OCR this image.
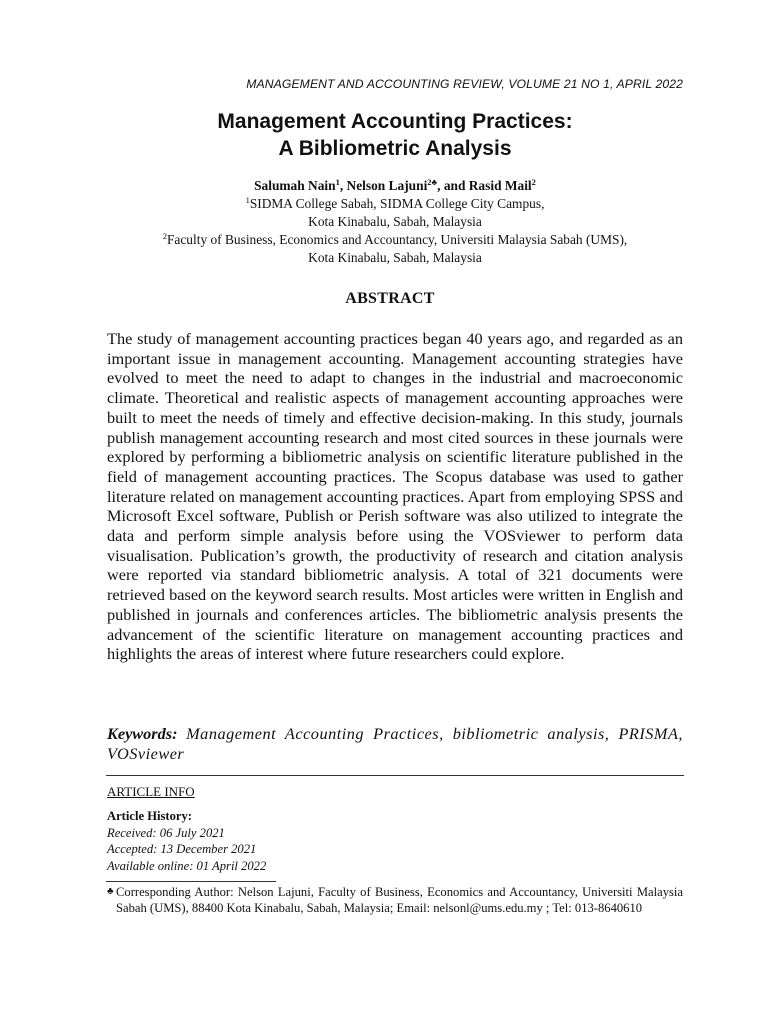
MANAGEMENT AND ACCOUNTING REVIEW, VOLUME 21 NO 1, APRIL 2022
Management Accounting Practices:
A Bibliometric Analysis
Salumah Nain$^1$, Nelson Lajuni$^{2♣}$, and Rasid Mail$^2$
$^1$SIDMA College Sabah, SIDMA College City Campus,
Kota Kinabalu, Sabah, Malaysia
$^2$Faculty of Business, Economics and Accountancy, Universiti Malaysia Sabah (UMS),
Kota Kinabalu, Sabah, Malaysia
ABSTRACT

The study of management accounting practices began 40 years ago, and regarded as an important issue in management accounting. Management accounting strategies have evolved to meet the need to adapt to changes in the industrial and macroeconomic climate. Theoretical and realistic aspects of management accounting approaches were built to meet the needs of timely and effective decision-making. In this study, journals publish management accounting research and most cited sources in these journals were explored by performing a bibliometric analysis on scientific literature published in the field of management accounting practices. The Scopus database was used to gather literature related on management accounting practices. Apart from employing SPSS and Microsoft Excel software, Publish or Perish software was also utilized to integrate the data and perform simple analysis before using the VOSviewer to perform data visualisation. Publication’s growth, the productivity of research and citation analysis were reported via standard bibliometric analysis. A total of 321 documents were retrieved based on the keyword search results. Most articles were written in English and published in journals and conferences articles. The bibliometric analysis presents the advancement of the scientific literature on management accounting practices and highlights the areas of interest where future researchers could explore.

Keywords: Management Accounting Practices, bibliometric analysis, PRISMA, VOSviewer

ARTICLE INFO
Article History:
Received: 06 July 2021
Accepted: 13 December 2021
Available online: 01 April 2022
♣ Corresponding Author: Nelson Lajuni, Faculty of Business, Economics and Accountancy, Universiti Malaysia Sabah (UMS), 88400 Kota Kinabalu, Sabah, Malaysia; Email: nelsonl@ums.edu.my ; Tel: 013-8640610
